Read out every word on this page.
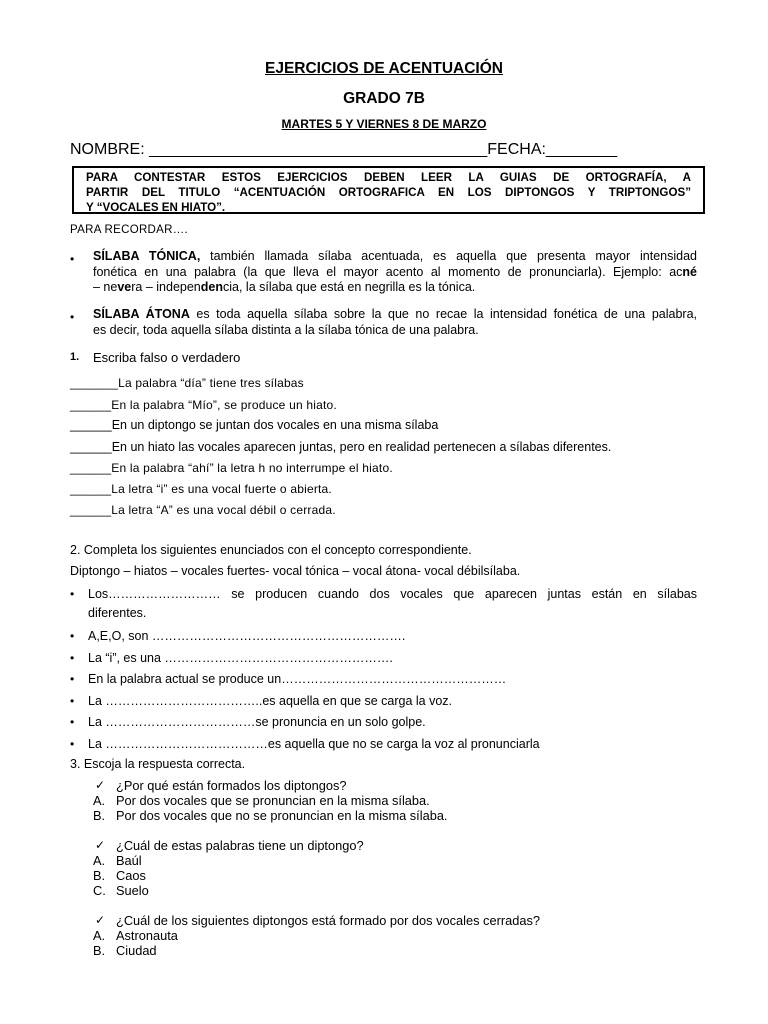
EJERCICIOS DE ACENTUACIÓN
GRADO 7B
MARTES 5 Y VIERNES 8 DE MARZO
NOMBRE: ______________________________________FECHA:________
PARA CONTESTAR ESTOS EJERCICIOS DEBEN LEER LA GUIAS DE ORTOGRAFÍA, A
PARTIR DEL TITULO “ACENTUACIÓN ORTOGRAFICA EN LOS DIPTONGOS Y TRIPTONGOS”
Y “VOCALES EN HIATO”.
PARA RECORDAR….
• SÍLABA TÓNICA, también llamada sílaba acentuada, es aquella que presenta mayor intensidad
fonética en una palabra (la que lleva el mayor acento al momento de pronunciarla). Ejemplo: acné
– nevera – independencia, la sílaba que está en negrilla es la tónica.
• SÍLABA ÁTONA es toda aquella sílaba sobre la que no recae la intensidad fonética de una palabra,
es decir, toda aquella sílaba distinta a la sílaba tónica de una palabra.
1. Escriba falso o verdadero
_______La palabra “día” tiene tres sílabas
______En la palabra “Mío”, se produce un hiato.
______En un diptongo se juntan dos vocales en una misma sílaba
______En un hiato las vocales aparecen juntas, pero en realidad pertenecen a sílabas diferentes.
______En la palabra “ahí” la letra h no interrumpe el hiato.
______La letra “i” es una vocal fuerte o abierta.
______La letra “A” es una vocal débil o cerrada.
2. Completa los siguientes enunciados con el concepto correspondiente.
Diptongo – hiatos – vocales fuertes- vocal tónica – vocal átona- vocal débilsílaba.
• Los……………………… se producen cuando dos vocales que aparecen juntas están en sílabas
diferentes.
• A,E,O, son …………………………………………………….
• La “i”, es una ……………………………………………….
• En la palabra actual se produce un………………………………………………
• La ………………………………..es aquella en que se carga la voz.
• La ………………………………se pronuncia en un solo golpe.
• La …………………………………es aquella que no se carga la voz al pronunciarla
3. Escoja la respuesta correcta.
✓ ¿Por qué están formados los diptongos?
A. Por dos vocales que se pronuncian en la misma sílaba.
B. Por dos vocales que no se pronuncian en la misma sílaba.
✓ ¿Cuál de estas palabras tiene un diptongo?
A. Baúl
B. Caos
C. Suelo
✓ ¿Cuál de los siguientes diptongos está formado por dos vocales cerradas?
A. Astronauta
B. Ciudad
